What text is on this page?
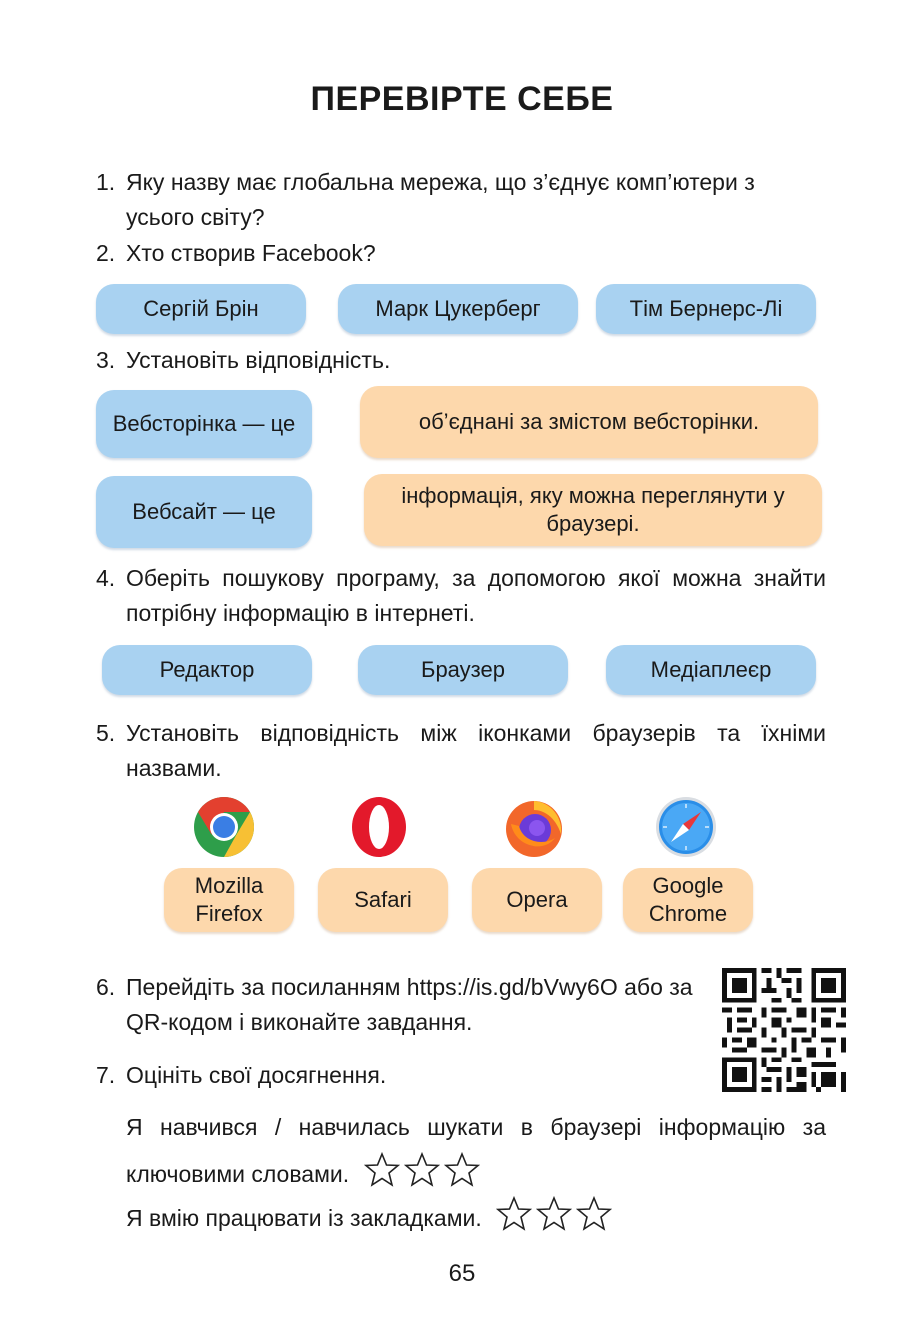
ПЕРЕВІРТЕ СЕБЕ
1. Яку назву має глобальна мережа, що з’єднує комп’ютери з усього світу?
2. Хто створив Facebook?
Сергій Брін	Марк Цукерберг	Тім Бернерс-Лі
3. Установіть відповідність.
Вебсторінка — це	об’єднані за змістом вебсторінки.
Вебсайт — це
інформація, яку можна переглянути у браузері.
4. Оберіть пошукову програму, за допомогою якої можна знайти потрібну інформацію в інтернеті.
Редактор	Браузер	Медіаплеєр
5. Установіть відповідність між іконками браузерів та їхніми назвами.
Mozilla Firefox
Safari	Opera
Google Chrome
6. Перейдіть за посиланням https://is.gd/bVwy6O або за QR-кодом і виконайте завдання.
7. Оцініть свої досягнення.
Я навчився / навчилась шукати в браузері інформацію за ключовими словами.
Я вмію працювати із закладками.
65
